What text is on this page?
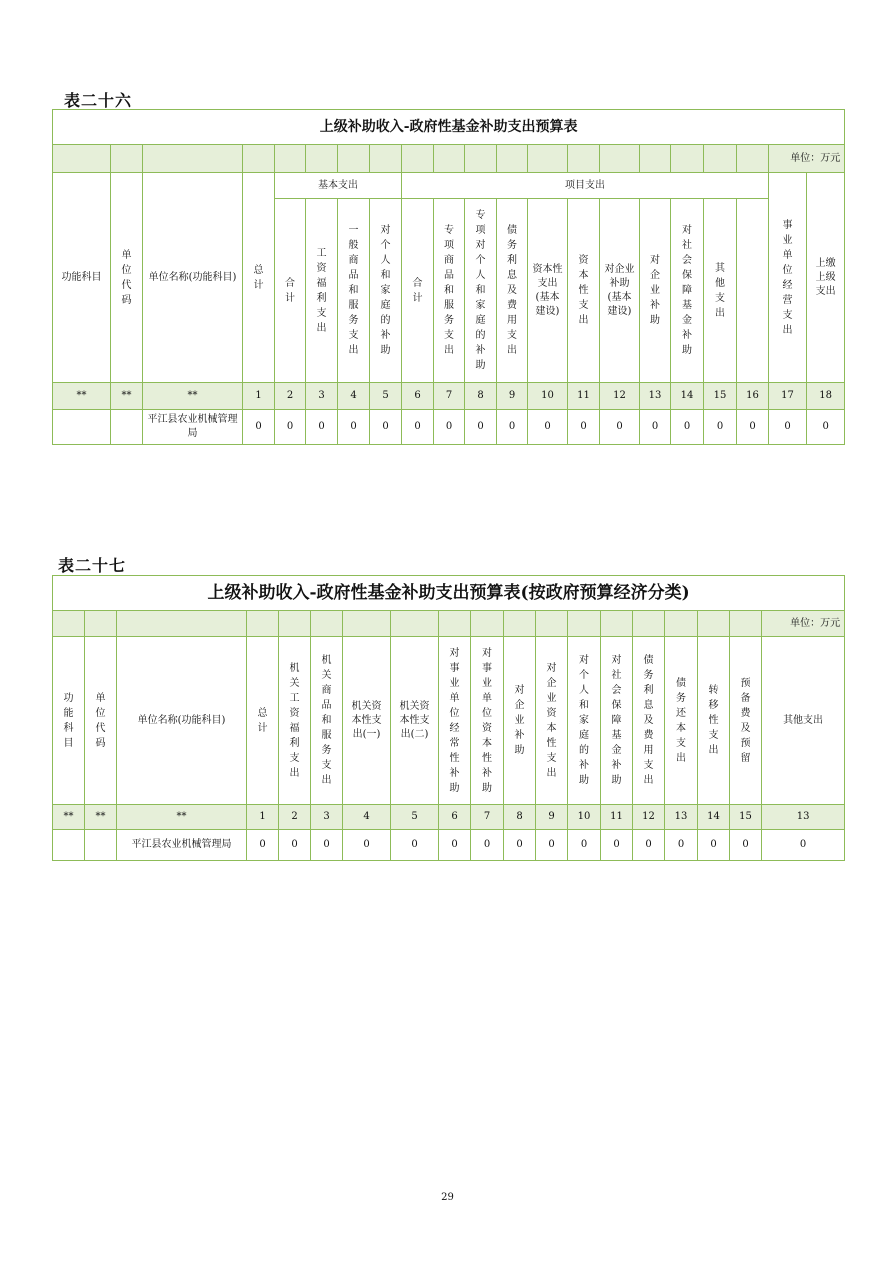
表二十六
上级补助收入-政府性基金补助支出预算表																					
																			单位：万元		
功能科目	单位代码	单位名称(功能科目)	总计	基本支出				项目支出											事业单位经营支出	上缴上级支出	
				合计	工资福利支出	一般商品和服务支出	对个人和家庭的补助	合计	专项商品和服务支出	专项对个人和家庭的补助	债务利息及费用支出	资本性支出(基本建设)	资本性支出	对企业补助(基本建设)	对企业补助	对社会保障基金补助	其他支出				
**	**	**	1	2	3	4	5	6	7	8	9	10	11	12	13	14	15	16	17	18	
		平江县农业机械管理局	0	0	0	0	0	0	0	0	0	0	0	0	0	0	0	0	0	0	
表二十七
上级补助收入-政府性基金补助支出预算表(按政府预算经济分类)																		
																		单位：万元
功能科目	单位代码	单位名称(功能科目)	总计	机关工资福利支出	机关商品和服务支出	机关资本性支出(一)	机关资本性支出(二)	对事业单位经常性补助	对事业单位资本性补助	对企业补助	对企业资本性支出	对个人和家庭的补助	对社会保障基金补助	债务利息及费用支出	债务还本支出	转移性支出	预备费及预留	其他支出
**	**	**	1	2	3	4	5	6	7	8	9	10	11	12	13	14	15	13
		平江县农业机械管理局	0	0	0	0	0	0	0	0	0	0	0	0	0	0	0	0
29
